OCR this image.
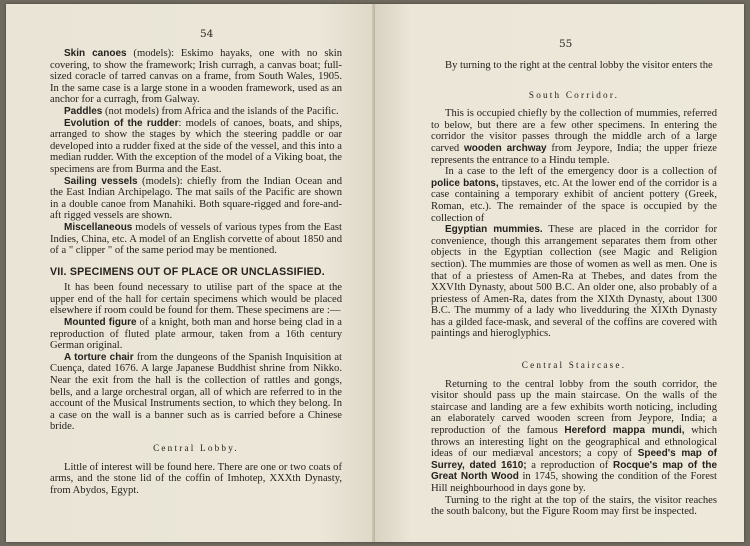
54

Skin canoes (models): Eskimo hayaks, one with no skin covering, to show the framework; Irish curragh, a canvas boat; full-sized coracle of tarred canvas on a frame, from South Wales, 1905. In the same case is a large stone in a wooden framework, used as an anchor for a curragh, from Galway.

Paddles (not models) from Africa and the islands of the Pacific.

Evolution of the rudder: models of canoes, boats, and ships, arranged to show the stages by which the steering paddle or oar developed into a rudder fixed at the side of the vessel, and this into a median rudder. With the exception of the model of a Viking boat, the specimens are from Burma and the East.

Sailing vessels (models): chiefly from the Indian Ocean and the East Indian Archipelago. The mat sails of the Pacific are shown in a double canoe from Manahiki. Both square-rigged and fore-and-aft rigged vessels are shown.

Miscellaneous models of vessels of various types from the East Indies, China, etc. A model of an English corvette of about 1850 and of a " clipper " of the same period may be mentioned.

VII. SPECIMENS OUT OF PLACE OR UNCLASSIFIED.

It has been found necessary to utilise part of the space at the upper end of the hall for certain specimens which would be placed elsewhere if room could be found for them. These specimens are :—

Mounted figure of a knight, both man and horse being clad in a reproduction of fluted plate armour, taken from a 16th century German original.

A torture chair from the dungeons of the Spanish Inquisition at Cuença, dated 1676. A large Japanese Buddhist shrine from Nikko. Near the exit from the hall is the collection of rattles and gongs, bells, and a large orchestral organ, all of which are referred to in the account of the Musical Instruments section, to which they belong. In a case on the wall is a banner such as is carried before a Chinese bride.

Central Lobby.

Little of interest will be found here. There are one or two coats of arms, and the stone lid of the coffin of Imhotep, XXXth Dynasty, from Abydos, Egypt.

55

By turning to the right at the central lobby the visitor enters the

South Corridor.

This is occupied chiefly by the collection of mummies, referred to below, but there are a few other specimens. In entering the corridor the visitor passes through the middle arch of a large carved wooden archway from Jeypore, India; the upper frieze represents the entrance to a Hindu temple.

In a case to the left of the emergency door is a collection of police batons, tipstaves, etc. At the lower end of the corridor is a case containing a temporary exhibit of ancient pottery (Greek, Roman, etc.). The remainder of the space is occupied by the collection of

Egyptian mummies. These are placed in the corridor for convenience, though this arrangement separates them from other objects in the Egyptian collection (see Magic and Religion section). The mummies are those of women as well as men. One is that of a priestess of Amen-Ra at Thebes, and dates from the XXVIth Dynasty, about 500 B.C. An older one, also probably of a priestess of Amen-Ra, dates from the XIXth Dynasty, about 1300 B.C. The mummy of a lady who livedduring the XIXth Dynasty has a gilded face-mask, and several of the coffins are covered with paintings and hieroglyphics.

Central Staircase.

Returning to the central lobby from the south corridor, the visitor should pass up the main staircase. On the walls of the staircase and landing are a few exhibits worth noticing, including an elaborately carved wooden screen from Jeypore, India; a reproduction of the famous Hereford mappa mundi, which throws an interesting light on the geographical and ethnological ideas of our mediæval ancestors; a copy of Speed's map of Surrey, dated 1610; a reproduction of Rocque's map of the Great North Wood in 1745, showing the condition of the Forest Hill neighbourhood in days gone by.

Turning to the right at the top of the stairs, the visitor reaches the south balcony, but the Figure Room may first be inspected.
